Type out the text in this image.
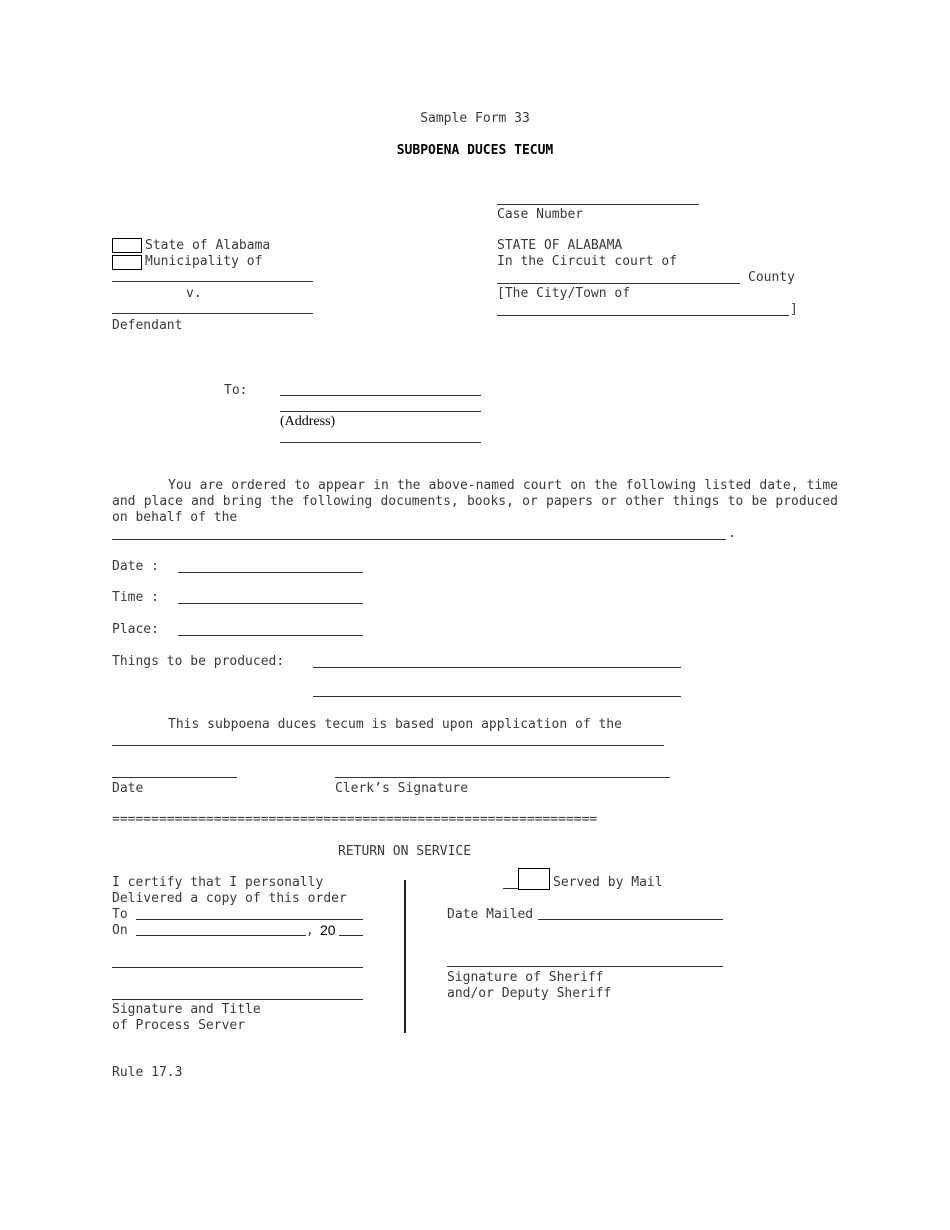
Sample Form 33
SUBPOENA DUCES TECUM
Case Number
State of Alabama
Municipality of
v.
Defendant
STATE OF ALABAMA
In the Circuit court of
County
[The City/Town of
]
To:
(Address)
You are ordered to appear in the above-named court on the following listed date, time and place and bring the following documents, books, or papers or other things to be produced on behalf of the
.
Date :
Time :
Place:
Things to be produced:
This subpoena duces tecum is based upon application of the
Date	Clerk’s Signature
==============================================================
RETURN ON SERVICE
I certify that I personally
Delivered a copy of this order
To
On	, 20
Signature and Title
of Process Server
Served by Mail
Date Mailed
Signature of Sheriff
and/or Deputy Sheriff
Rule 17.3
